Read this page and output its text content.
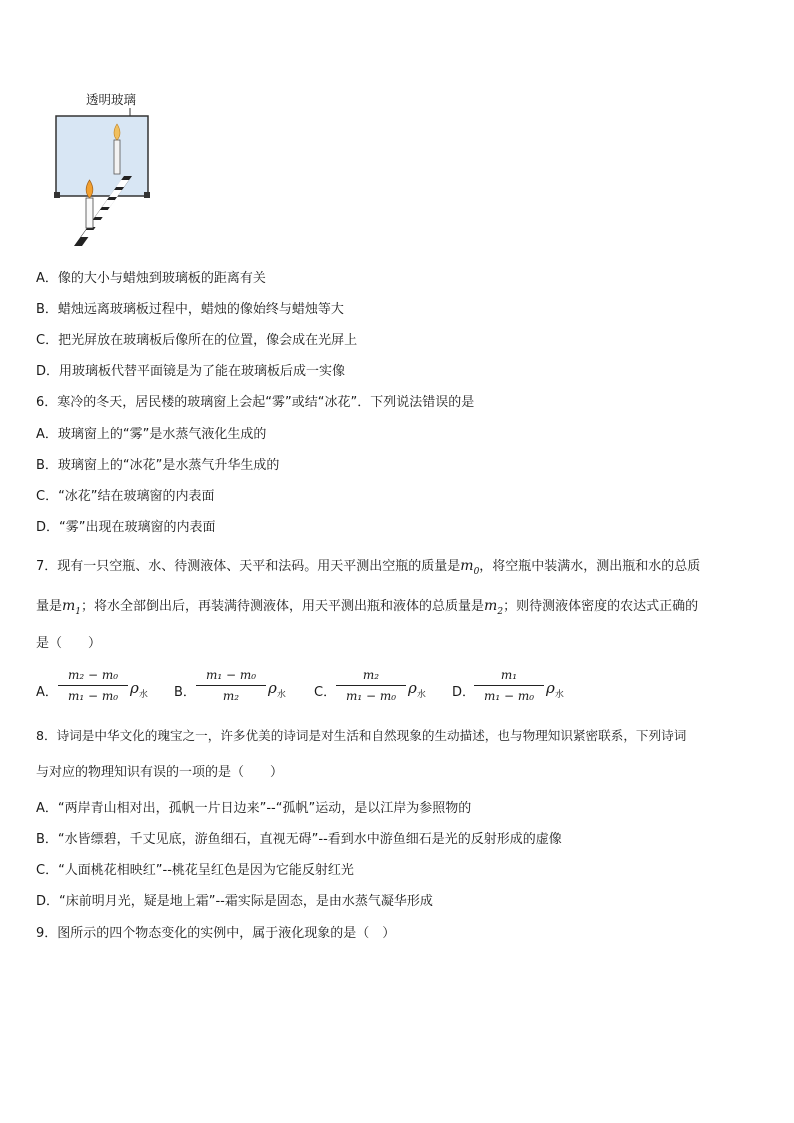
透明玻璃
A．像的大小与蜡烛到玻璃板的距离有关
B．蜡烛远离玻璃板过程中，蜡烛的像始终与蜡烛等大
C．把光屏放在玻璃板后像所在的位置，像会成在光屏上
D．用玻璃板代替平面镜是为了能在玻璃板后成一实像
6．寒冷的冬天，居民楼的玻璃窗上会起“雾”或结“冰花”．下列说法错误的是
A．玻璃窗上的“雾”是水蒸气液化生成的
B．玻璃窗上的“冰花”是水蒸气升华生成的
C．“冰花”结在玻璃窗的内表面
D．“雾”出现在玻璃窗的内表面
7．现有一只空瓶、水、待测液体、天平和法码。用天平测出空瓶的质量是$m_0$，将空瓶中装满水，测出瓶和水的总质
量是$m_1$；将水全部倒出后，再装满待测液体，用天平测出瓶和液体的总质量是$m_2$；则待测液体密度的农达式正确的
是（　　）
A．
m₂ − m₀
m₁ − m₀ $\rho_水$ B．
m₁ − m₀
m₂	$\rho_水$ C．
m₂
m₁ − m₀ $\rho_水$ D．
m₁
m₁ − m₀ $\rho_水$
8．诗词是中华文化的瑰宝之一，许多优美的诗词是对生活和自然现象的生动描述，也与物理知识紧密联系，下列诗词
与对应的物理知识有误的一项的是（　　）
A．“两岸青山相对出，孤帆一片日边来”--“孤帆”运动，是以江岸为参照物的
B．“水皆缥碧，千丈见底，游鱼细石，直视无碍”--看到水中游鱼细石是光的反射形成的虚像
C．“人面桃花相映红”--桃花呈红色是因为它能反射红光
D．“床前明月光，疑是地上霜”--霜实际是固态，是由水蒸气凝华形成
9．图所示的四个物态变化的实例中，属于液化现象的是（　）
